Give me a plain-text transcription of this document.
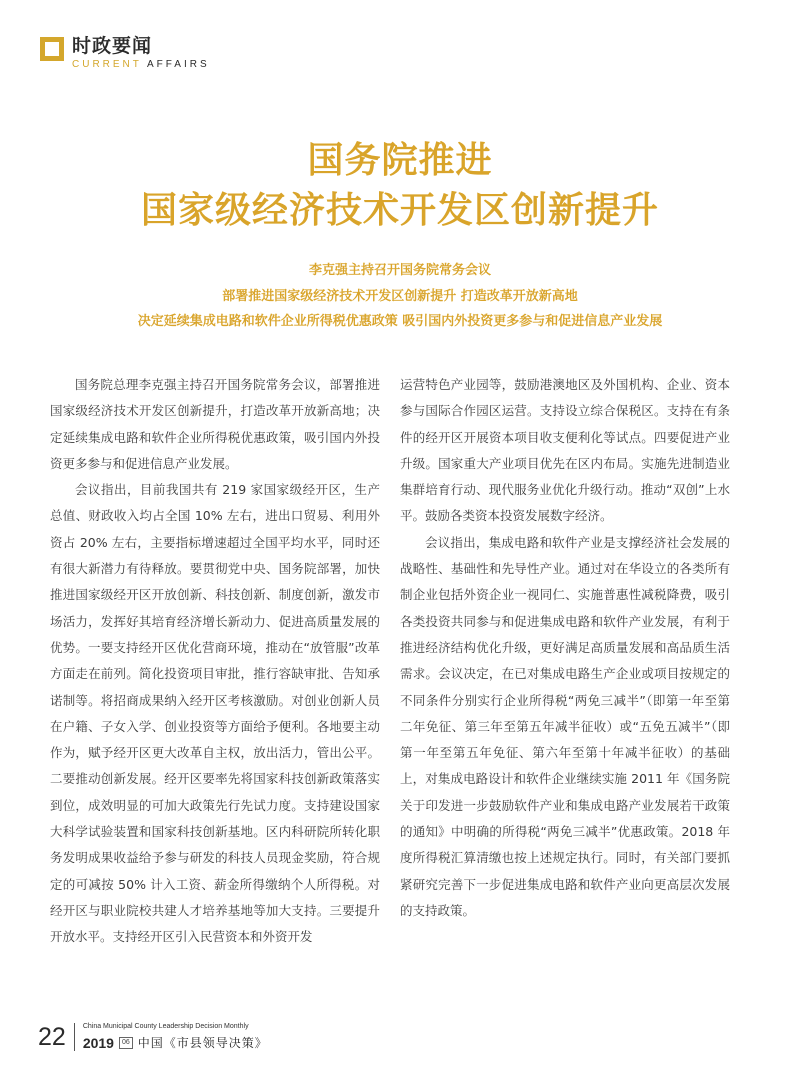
时政要闻
CURRENT AFFAIRS
国务院推进
国家级经济技术开发区创新提升
李克强主持召开国务院常务会议
部署推进国家级经济技术开发区创新提升 打造改革开放新高地
决定延续集成电路和软件企业所得税优惠政策 吸引国内外投资更多参与和促进信息产业发展

国务院总理李克强主持召开国务院常务会议，部署推进国家级经济技术开发区创新提升，打造改革开放新高地；决定延续集成电路和软件企业所得税优惠政策，吸引国内外投资更多参与和促进信息产业发展。

会议指出，目前我国共有 219 家国家级经开区，生产总值、财政收入均占全国 10% 左右，进出口贸易、利用外资占 20% 左右，主要指标增速超过全国平均水平，同时还有很大新潜力有待释放。要贯彻党中央、国务院部署，加快推进国家级经开区开放创新、科技创新、制度创新，激发市场活力，发挥好其培育经济增长新动力、促进高质量发展的优势。一要支持经开区优化营商环境，推动在“放管服”改革方面走在前列。简化投资项目审批，推行容缺审批、告知承诺制等。将招商成果纳入经开区考核激励。对创业创新人员在户籍、子女入学、创业投资等方面给予便利。各地要主动作为，赋予经开区更大改革自主权，放出活力，管出公平。二要推动创新发展。经开区要率先将国家科技创新政策落实到位，成效明显的可加大政策先行先试力度。支持建设国家大科学试验装置和国家科技创新基地。区内科研院所转化职务发明成果收益给予参与研发的科技人员现金奖励，符合规定的可减按 50% 计入工资、薪金所得缴纳个人所得税。对经开区与职业院校共建人才培养基地等加大支持。三要提升开放水平。支持经开区引入民营资本和外资开发

运营特色产业园等，鼓励港澳地区及外国机构、企业、资本参与国际合作园区运营。支持设立综合保税区。支持在有条件的经开区开展资本项目收支便利化等试点。四要促进产业升级。国家重大产业项目优先在区内布局。实施先进制造业集群培育行动、现代服务业优化升级行动。推动“双创”上水平。鼓励各类资本投资发展数字经济。

会议指出，集成电路和软件产业是支撑经济社会发展的战略性、基础性和先导性产业。通过对在华设立的各类所有制企业包括外资企业一视同仁、实施普惠性减税降费，吸引各类投资共同参与和促进集成电路和软件产业发展，有利于推进经济结构优化升级，更好满足高质量发展和高品质生活需求。会议决定，在已对集成电路生产企业或项目按规定的不同条件分别实行企业所得税“两免三减半”（即第一年至第二年免征、第三年至第五年减半征收）或“五免五减半”（即第一年至第五年免征、第六年至第十年减半征收）的基础上，对集成电路设计和软件企业继续实施 2011 年《国务院关于印发进一步鼓励软件产业和集成电路产业发展若干政策的通知》中明确的所得税“两免三减半”优惠政策。2018 年度所得税汇算清缴也按上述规定执行。同时，有关部门要抓紧研究完善下一步促进集成电路和软件产业向更高层次发展的支持政策。

22	China Municipal County Leadership Decision Monthly
2019	06 中国《市县领导决策》
